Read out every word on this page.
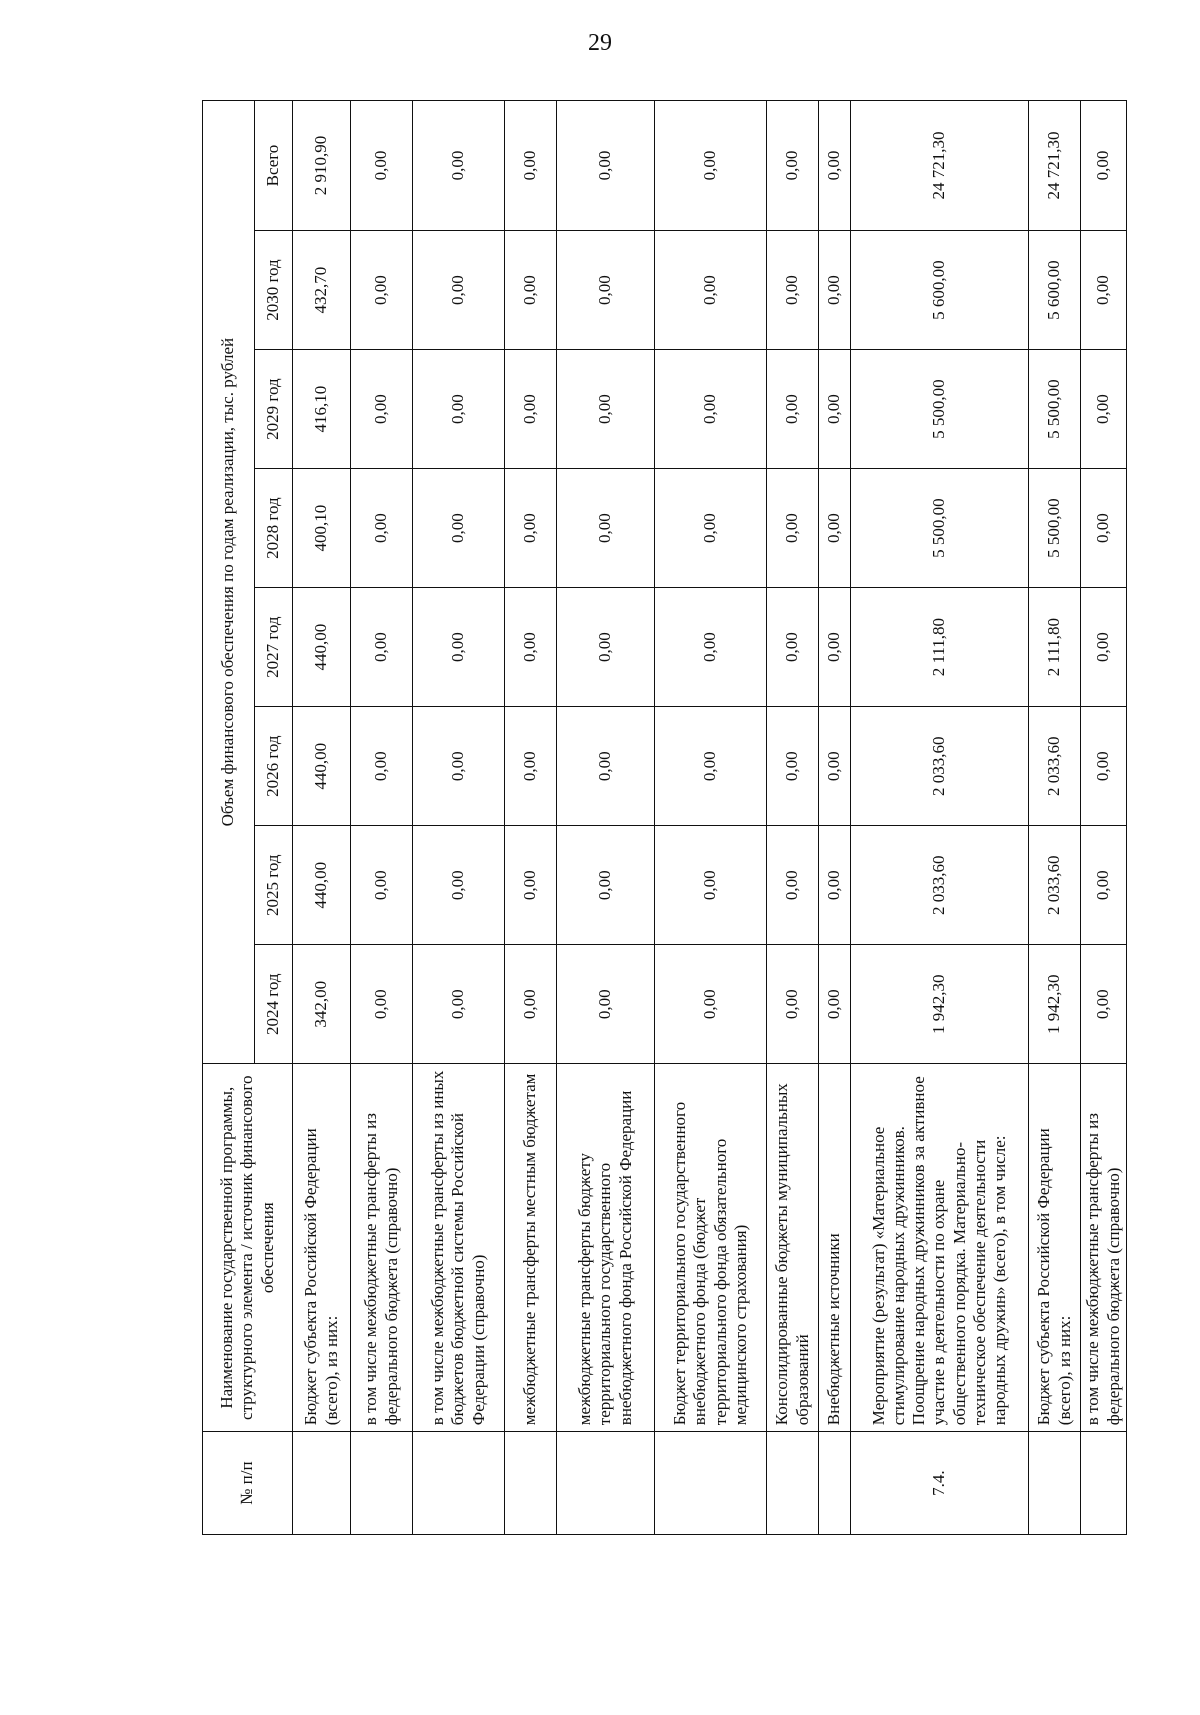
29
№ п/п	Наименование государственной программы, структурного элемента / источник финансового обеспечения	Объем финансового обеспечения по годам реализации, тыс. рублей							
		2024 год	2025 год	2026 год	2027 год	2028 год	2029 год	2030 год	Всего
	Бюджет субъекта Российской Федерации (всего), из них:	342,00	440,00	440,00	440,00	400,10	416,10	432,70	2 910,90
	в том числе межбюджетные трансферты из федерального бюджета (справочно)	0,00	0,00	0,00	0,00	0,00	0,00	0,00	0,00
	в том числе межбюджетные трансферты из иных бюджетов бюджетной системы Российской Федерации (справочно)	0,00	0,00	0,00	0,00	0,00	0,00	0,00	0,00
	межбюджетные трансферты местным бюджетам	0,00	0,00	0,00	0,00	0,00	0,00	0,00	0,00
	межбюджетные трансферты бюджету территориального государственного внебюджетного фонда Российской Федерации	0,00	0,00	0,00	0,00	0,00	0,00	0,00	0,00
	Бюджет территориального государственного внебюджетного фонда (бюджет территориального фонда обязательного медицинского страхования)	0,00	0,00	0,00	0,00	0,00	0,00	0,00	0,00
	Консолидированные бюджеты муниципальных образований	0,00	0,00	0,00	0,00	0,00	0,00	0,00	0,00
	Внебюджетные источники	0,00	0,00	0,00	0,00	0,00	0,00	0,00	0,00
7.4.	Мероприятие (результат) «Материальное стимулирование народных дружинников. Поощрение народных дружинников за активное участие в деятельности по охране общественного порядка. Материально-техническое обеспечение деятельности народных дружин» (всего), в том числе:	1 942,30	2 033,60	2 033,60	2 111,80	5 500,00	5 500,00	5 600,00	24 721,30
	Бюджет субъекта Российской Федерации (всего), из них:	1 942,30	2 033,60	2 033,60	2 111,80	5 500,00	5 500,00	5 600,00	24 721,30
	в том числе межбюджетные трансферты из федерального бюджета (справочно)	0,00	0,00	0,00	0,00	0,00	0,00	0,00	0,00
